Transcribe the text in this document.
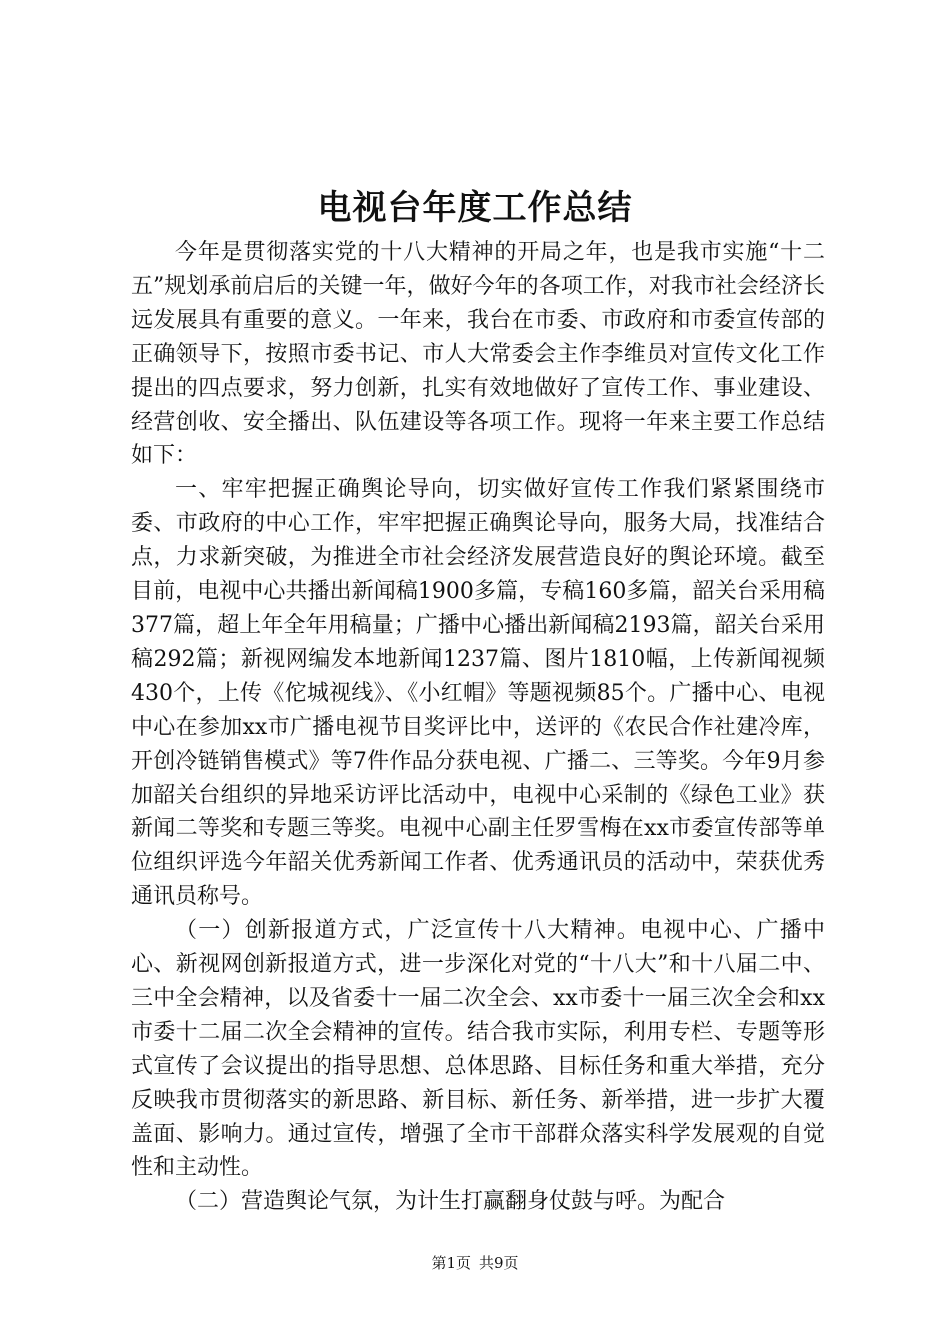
电视台年度工作总结

今年是贯彻落实党的十八大精神的开局之年，也是我市实施“十二五”规划承前启后的关键一年，做好今年的各项工作，对我市社会经济长远发展具有重要的意义。一年来，我台在市委、市政府和市委宣传部的正确领导下，按照市委书记、市人大常委会主作李维员对宣传文化工作提出的四点要求，努力创新，扎实有效地做好了宣传工作、事业建设、经营创收、安全播出、队伍建设等各项工作。现将一年来主要工作总结如下：

一、牢牢把握正确舆论导向，切实做好宣传工作我们紧紧围绕市委、市政府的中心工作，牢牢把握正确舆论导向，服务大局，找准结合点，力求新突破，为推进全市社会经济发展营造良好的舆论环境。截至目前，电视中心共播出新闻稿1900多篇，专稿160多篇，韶关台采用稿377篇，超上年全年用稿量；广播中心播出新闻稿2193篇，韶关台采用稿292篇；新视网编发本地新闻1237篇、图片1810幅，上传新闻视频430个，上传《佗城视线》、《小红帽》等题视频85个。广播中心、电视中心在参加xx市广播电视节目奖评比中，送评的《农民合作社建冷库，开创冷链销售模式》等7件作品分获电视、广播二、三等奖。今年9月参加韶关台组织的异地采访评比活动中，电视中心采制的《绿色工业》获新闻二等奖和专题三等奖。电视中心副主任罗雪梅在xx市委宣传部等单位组织评选今年韶关优秀新闻工作者、优秀通讯员的活动中，荣获优秀通讯员称号。

（一）创新报道方式，广泛宣传十八大精神。电视中心、广播中心、新视网创新报道方式，进一步深化对党的“十八大”和十八届二中、三中全会精神，以及省委十一届二次全会、xx市委十一届三次全会和xx市委十二届二次全会精神的宣传。结合我市实际，利用专栏、专题等形式宣传了会议提出的指导思想、总体思路、目标任务和重大举措，充分反映我市贯彻落实的新思路、新目标、新任务、新举措，进一步扩大覆盖面、影响力。通过宣传，增强了全市干部群众落实科学发展观的自觉性和主动性。

（二）营造舆论气氛，为计生打赢翻身仗鼓与呼。为配合

第1页 共9页
